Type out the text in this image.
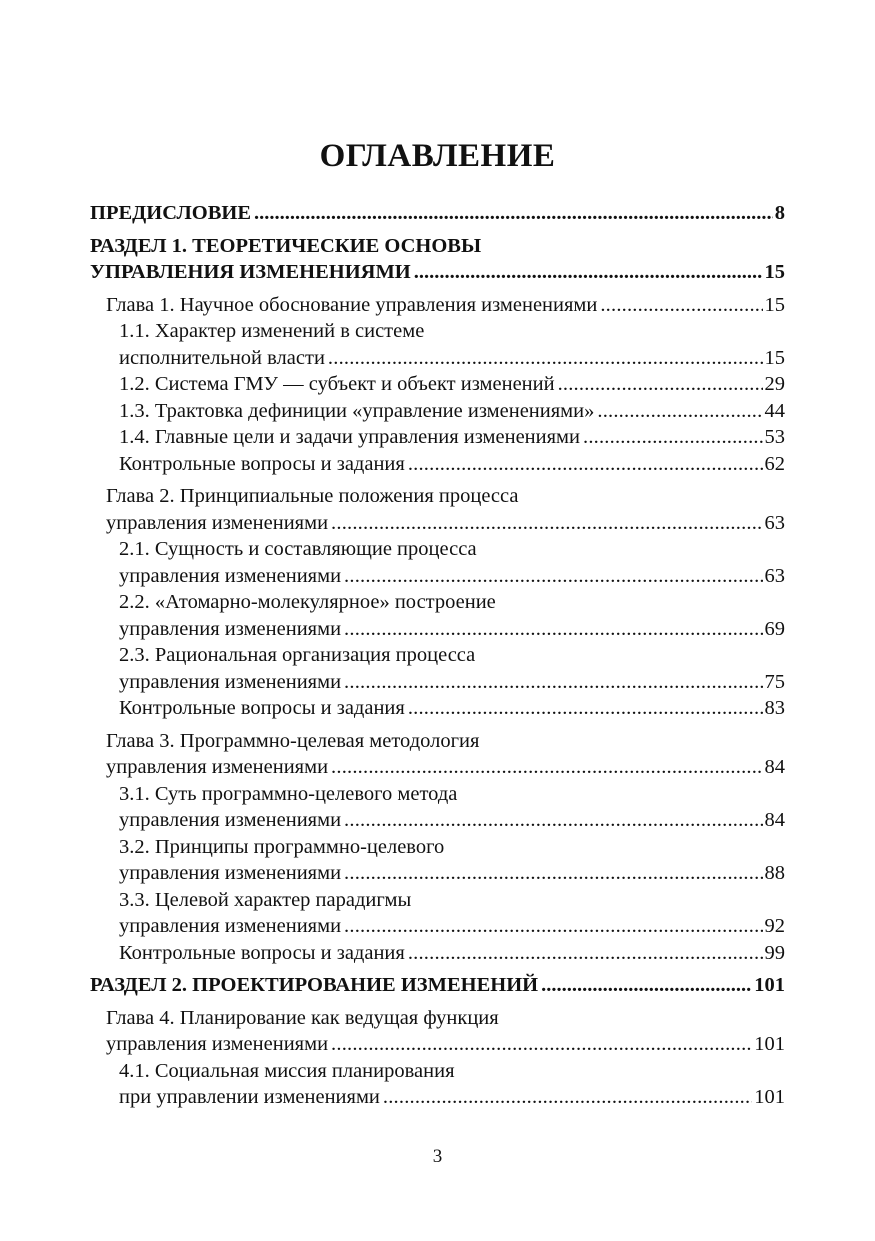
ОГЛАВЛЕНИЕ
ПРЕДИСЛОВИЕ .....	8
РАЗДЕЛ 1. ТЕОРЕТИЧЕСКИЕ ОСНОВЫ
УПРАВЛЕНИЯ ИЗМЕНЕНИЯМИ .....	15
Глава 1. Научное обоснование управления изменениями .....	15
1.1. Характер изменений в системе
исполнительной власти .....	15
1.2. Система ГМУ — субъект и объект изменений .....	29
1.3. Трактовка дефиниции «управление изменениями» .....	44
1.4. Главные цели и задачи управления изменениями .....	53
Контрольные вопросы и задания .....	62
Глава 2. Принципиальные положения процесса
управления изменениями .....	63
2.1. Сущность и составляющие процесса
управления изменениями .....	63
2.2. «Атомарно-молекулярное» построение
управления изменениями .....	69
2.3. Рациональная организация процесса
управления изменениями .....	75
Контрольные вопросы и задания .....	83
Глава 3. Программно-целевая методология
управления изменениями .....	84
3.1. Суть программно-целевого метода
управления изменениями .....	84
3.2. Принципы программно-целевого
управления изменениями .....	88
3.3. Целевой характер парадигмы
управления изменениями .....	92
Контрольные вопросы и задания .....	99
РАЗДЕЛ 2. ПРОЕКТИРОВАНИЕ ИЗМЕНЕНИЙ .....	101
Глава 4. Планирование как ведущая функция
управления изменениями .....	101
4.1. Социальная миссия планирования
при управлении изменениями .....	101
3
